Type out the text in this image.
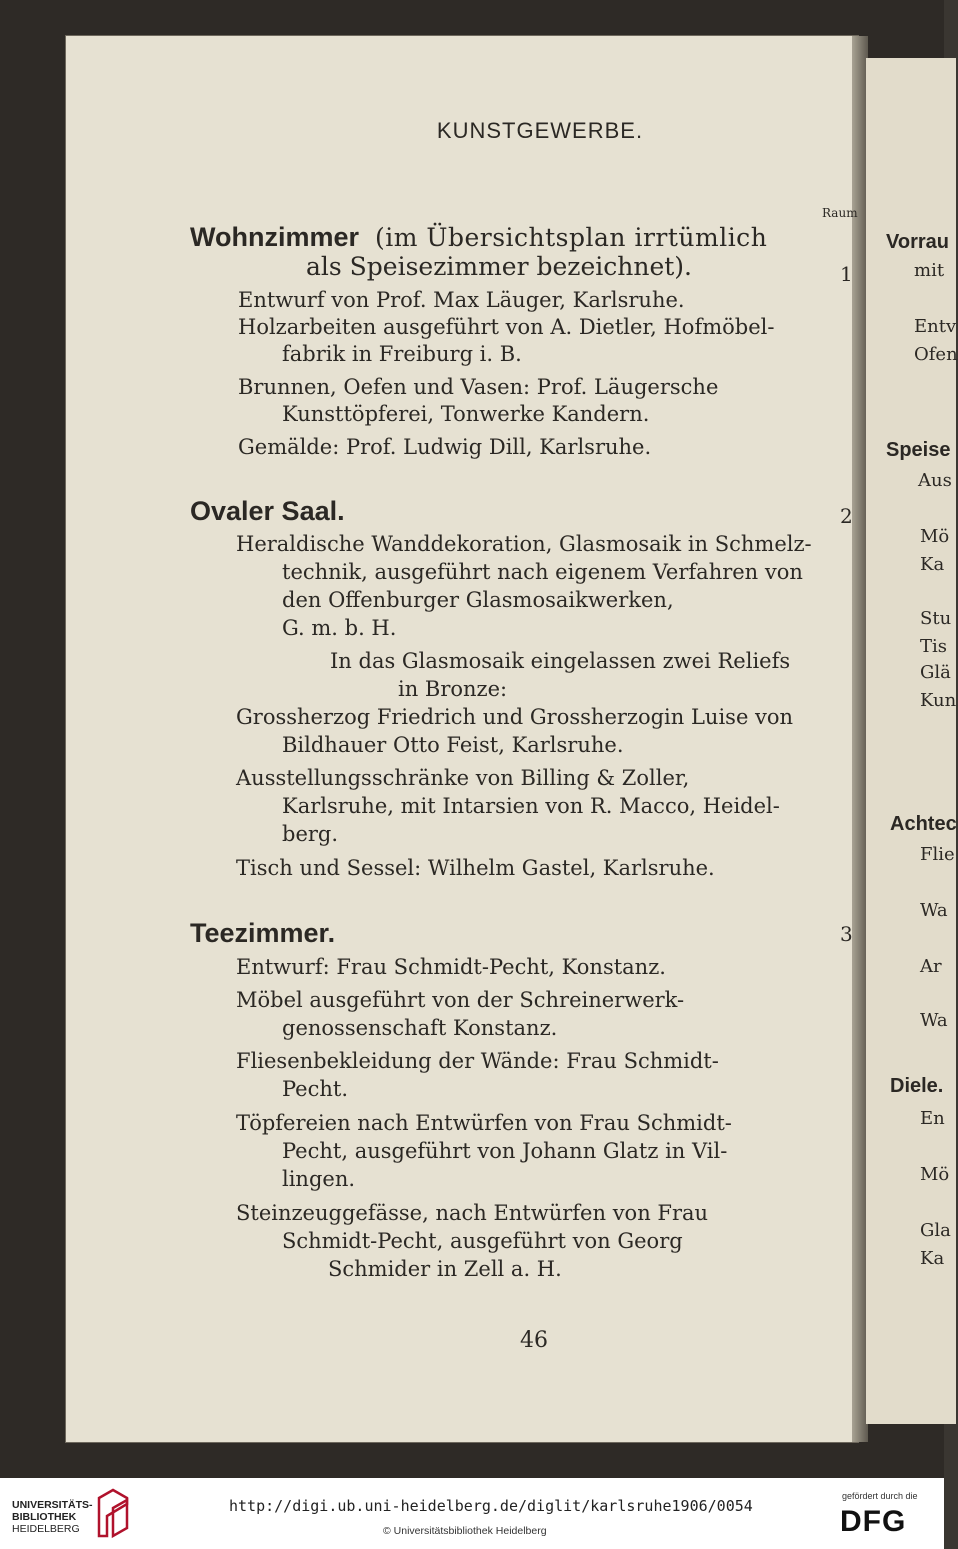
KUNSTGEWERBE.
Raum
Wohnzimmer (im Übersichtsplan irrtümlich
als Speisezimmer bezeichnet).	1
Entwurf von Prof. Max Läuger, Karlsruhe.
Holzarbeiten ausgeführt von A. Dietler, Hofmöbel-
fabrik in Freiburg i. B.
Brunnen, Oefen und Vasen: Prof. Läugersche
Kunsttöpferei, Tonwerke Kandern.
Gemälde: Prof. Ludwig Dill, Karlsruhe.
Ovaler Saal.	2
Heraldische Wanddekoration, Glasmosaik in Schmelz-
technik, ausgeführt nach eigenem Verfahren von
den Offenburger Glasmosaikwerken,
G. m. b. H.
In das Glasmosaik eingelassen zwei Reliefs
in Bronze:
Grossherzog Friedrich und Grossherzogin Luise von
Bildhauer Otto Feist, Karlsruhe.
Ausstellungsschränke von Billing & Zoller,
Karlsruhe, mit Intarsien von R. Macco, Heidel-
berg.
Tisch und Sessel: Wilhelm Gastel, Karlsruhe.
Teezimmer.	3
Entwurf: Frau Schmidt-Pecht, Konstanz.
Möbel ausgeführt von der Schreinerwerk-
genossenschaft Konstanz.
Fliesenbekleidung der Wände: Frau Schmidt-
Pecht.
Töpfereien nach Entwürfen von Frau Schmidt-
Pecht, ausgeführt von Johann Glatz in Vil-
lingen.
Steinzeuggefässe, nach Entwürfen von Frau
Schmidt-Pecht, ausgeführt von Georg
Schmider in Zell a. H.
46
Vorrau
mit
Entv
Ofen
Speise
Aus
Mö
Ka
Stu
Tis
Glä
Kun
Achtec
Flie
Wa
Ar
Wa
Diele.
En
Mö
Gla
Ka
UNIVERSITÄTS-
BIBLIOTHEK
HEIDELBERG
http://digi.ub.uni-heidelberg.de/diglit/karlsruhe1906/0054
© Universitätsbibliothek Heidelberg
gefördert durch die
DFG
